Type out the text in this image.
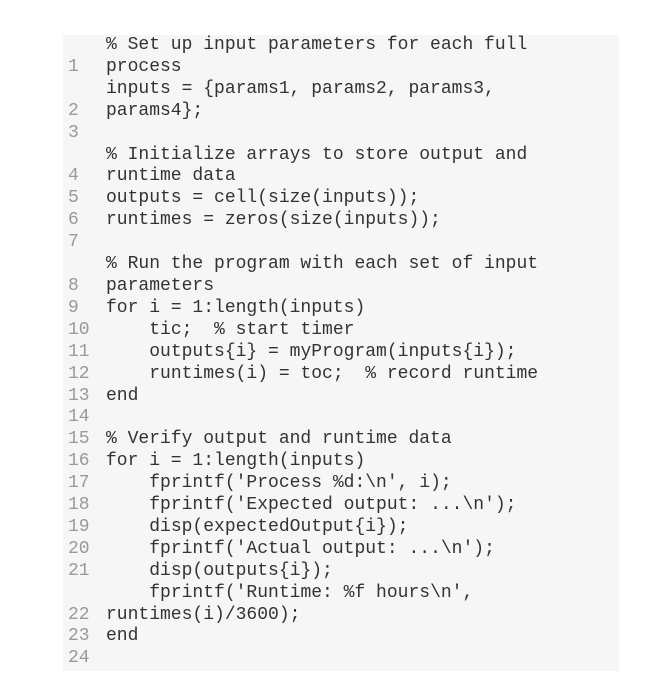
1
% Set up input parameters for each full
process
2
inputs = {params1, params2, params3,
params4};
3
4
% Initialize arrays to store output and
runtime data
5	outputs = cell(size(inputs));
6	runtimes = zeros(size(inputs));
7
8
% Run the program with each set of input
parameters
9	for i = 1:length(inputs)
10 tic;  % start timer
11 outputs{i} = myProgram(inputs{i});
12 runtimes(i) = toc;  % record runtime
13 end
14
15 % Verify output and runtime data
16 for i = 1:length(inputs)
17 fprintf('Process %d:\n', i);
18 fprintf('Expected output: ...\n');
19 disp(expectedOutput{i});
20 fprintf('Actual output: ...\n');
21 disp(outputs{i});
22
fprintf('Runtime: %f hours\n',
runtimes(i)/3600);
23 end
24
